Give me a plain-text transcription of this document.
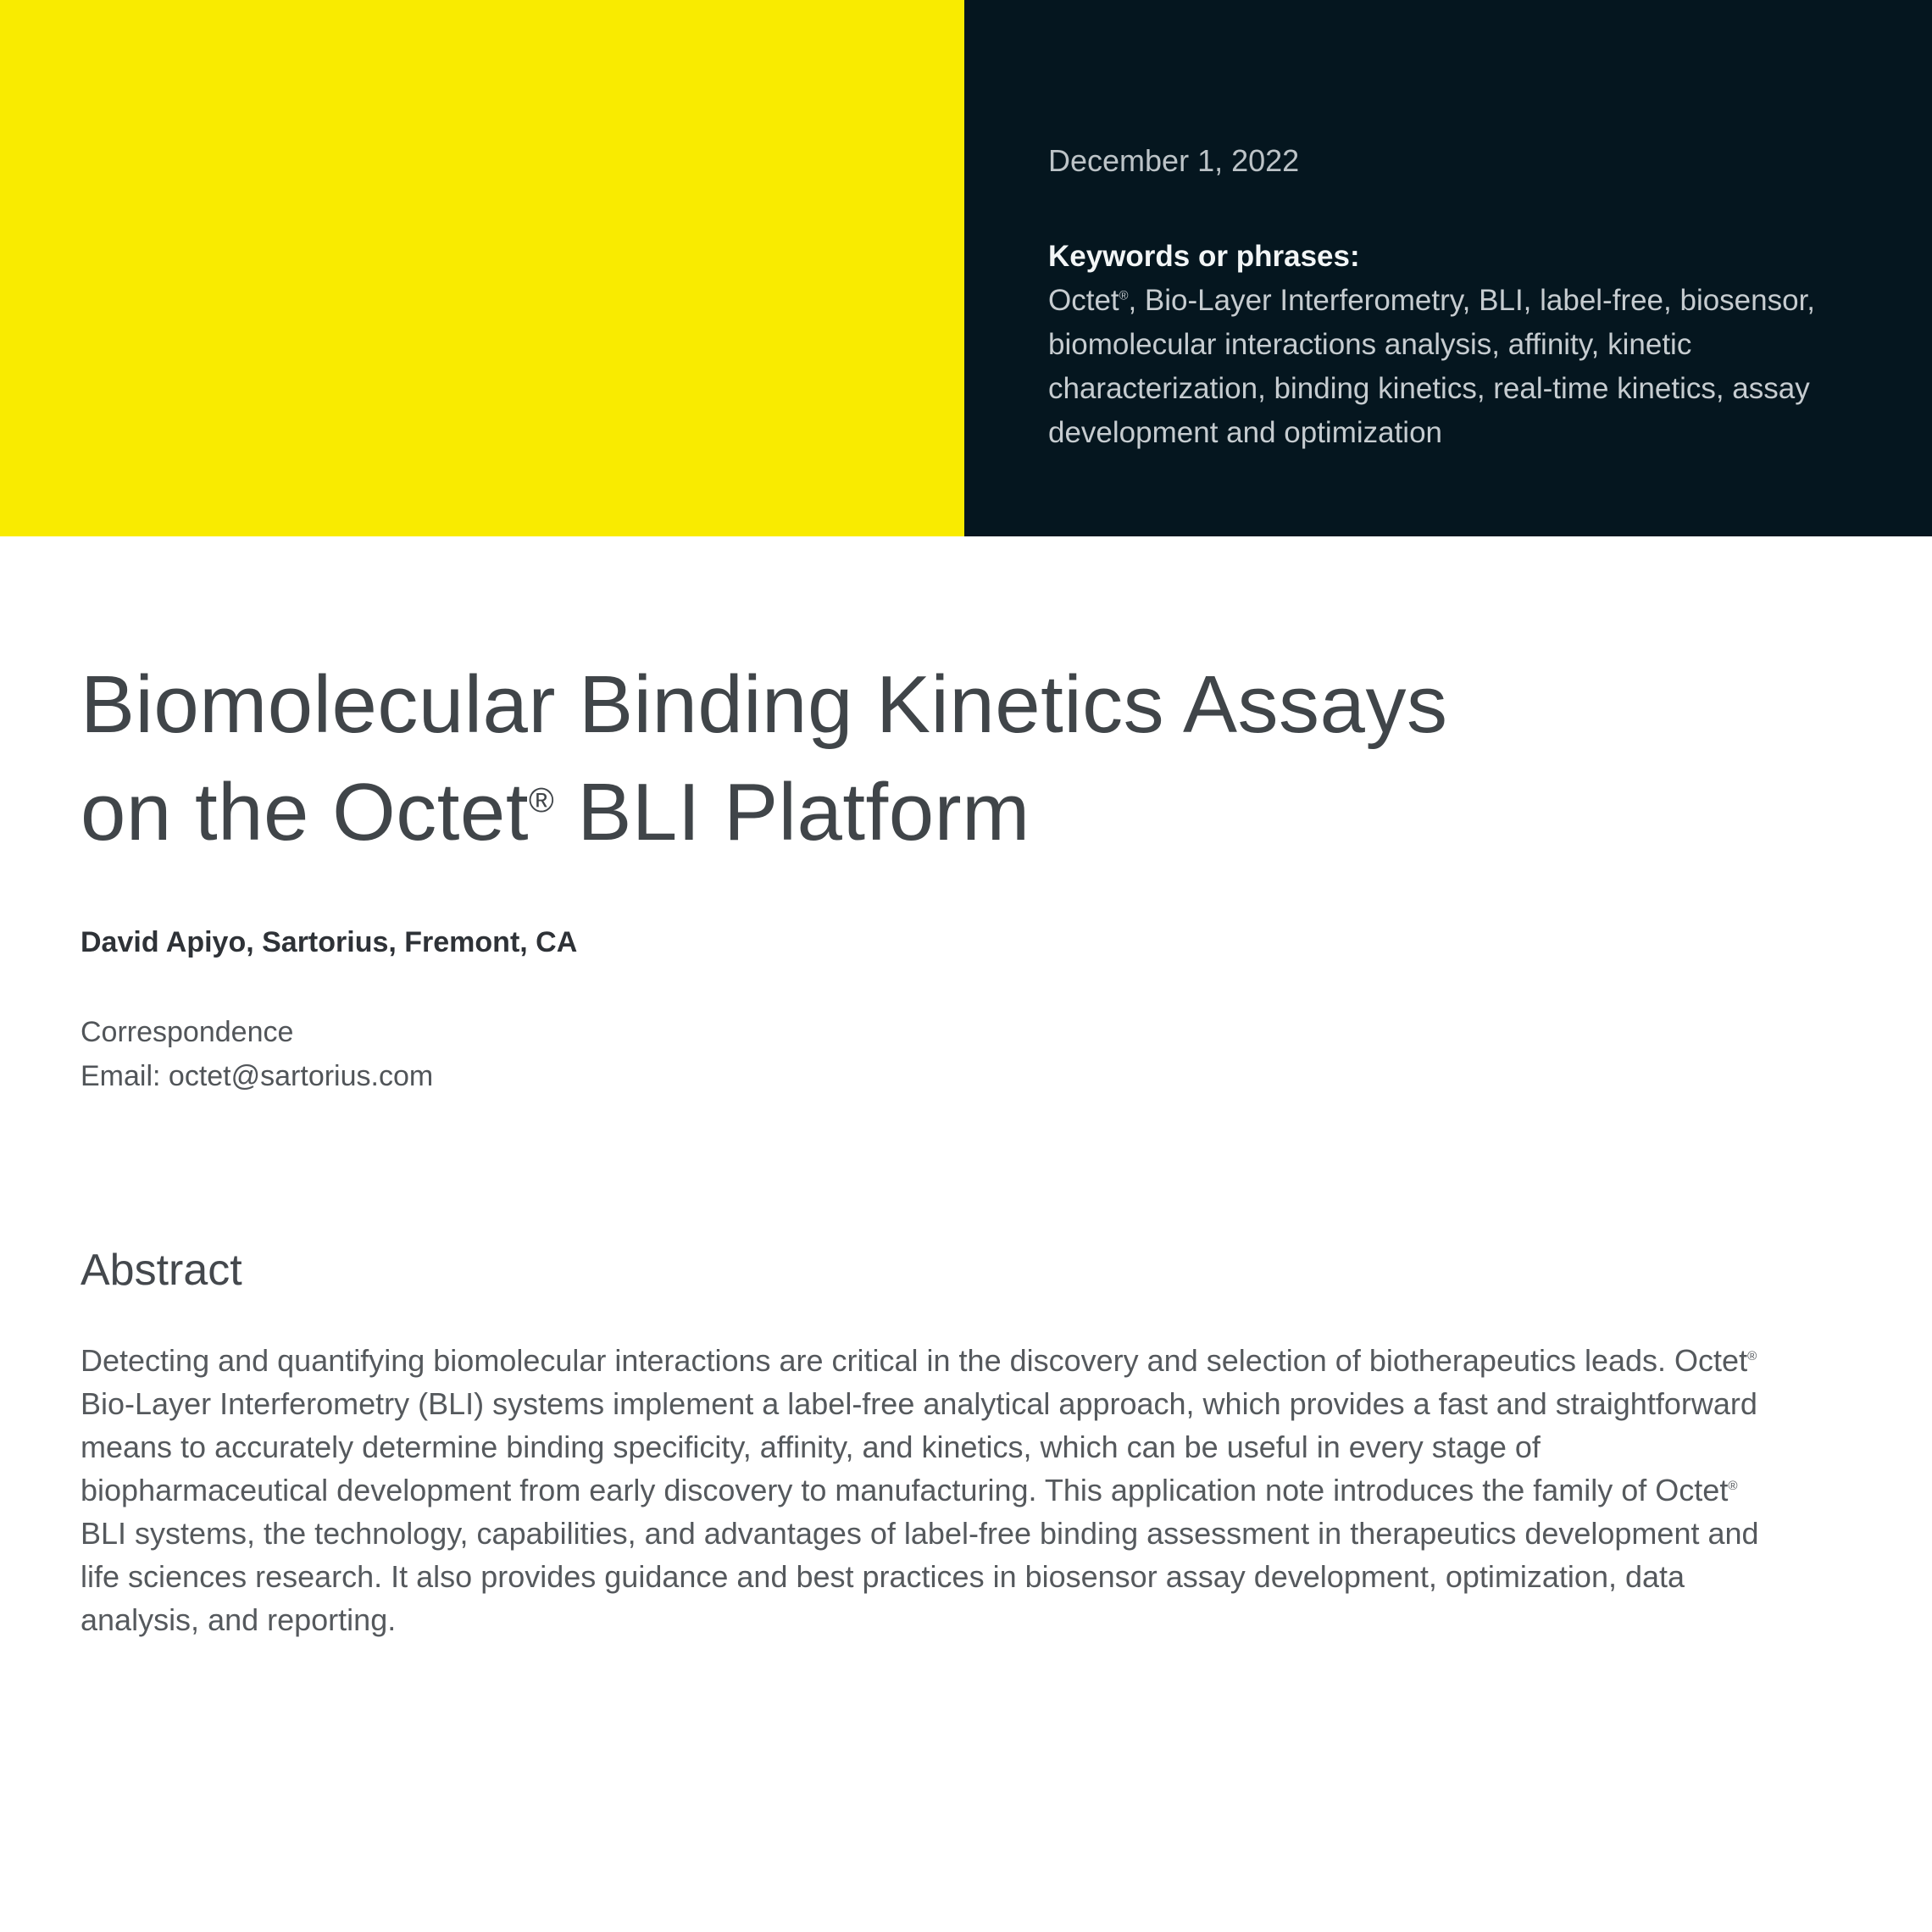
December 1, 2022
Keywords or phrases:
Octet®, Bio-Layer Interferometry, BLI, label-free, biosensor, biomolecular interactions analysis, affinity, kinetic characterization, binding kinetics, real-time kinetics, assay development and optimization
Biomolecular Binding Kinetics Assays
on the Octet® BLI Platform
David Apiyo, Sartorius, Fremont, CA
Correspondence
Email: octet@sartorius.com
Abstract

Detecting and quantifying biomolecular interactions are critical in the discovery and selection of biotherapeutics leads. Octet® Bio-Layer Interferometry (BLI) systems implement a label-free analytical approach, which provides a fast and straightforward means to accurately determine binding specificity, affinity, and kinetics, which can be useful in every stage of biopharmaceutical development from early discovery to manufacturing. This application note introduces the family of Octet® BLI systems, the technology, capabilities, and advantages of label-free binding assessment in therapeutics development and life sciences research. It also provides guidance and best practices in biosensor assay development, optimization, data analysis, and reporting.
